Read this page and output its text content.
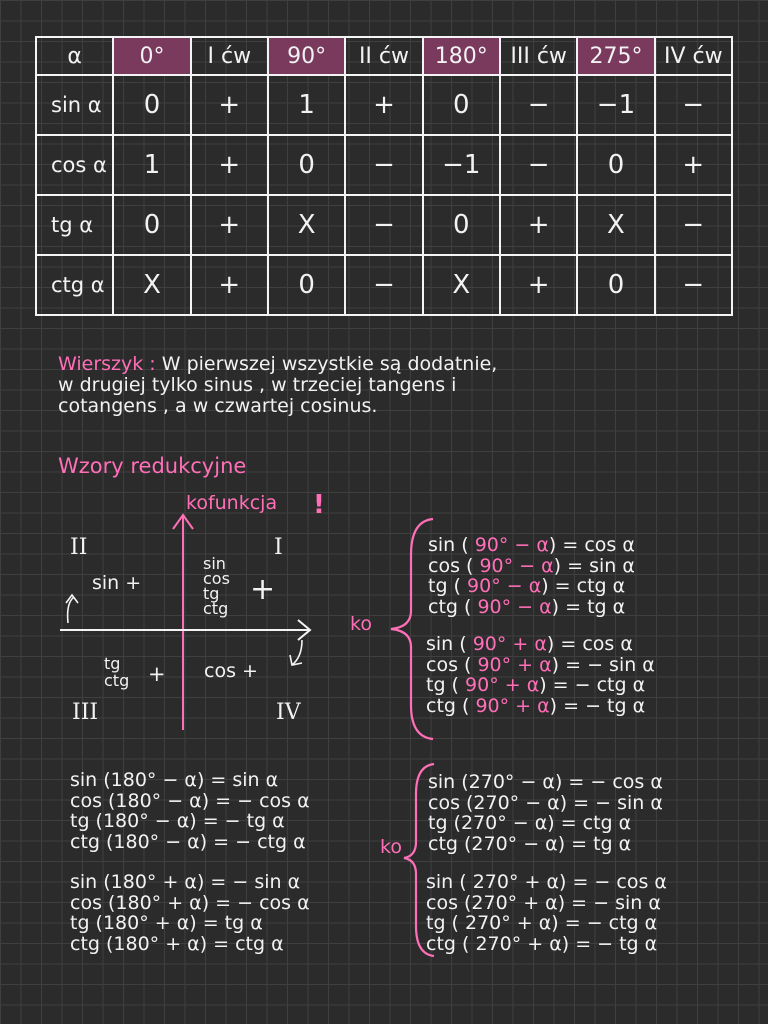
α	0°	I ćw	90°	II ćw	180°	III ćw	275°	IV ćw
sin α	0	+	1	+	0	−	−1	−
cos α	1	+	0	−	−1	−	0	+
tg α	0	+	X	−	0	+	X	−
ctg α	X	+	0	−	X	+	0	−
Wierszyk : W pierwszej wszystkie są dodatnie,
w drugiej tylko sinus , w trzeciej tangens i
cotangens , a w czwartej cosinus.
Wzory redukcyjne
kofunkcja !
II	I
III	IV
sin +
sin
cos
tg
ctg
+
tg
ctg + cos +
ko
sin ( 90° − α) = cos α
cos ( 90° − α) = sin α
tg ( 90° − α) = ctg α
ctg ( 90° − α) = tg α
sin ( 90° + α) = cos α
cos ( 90° + α) = − sin α
tg ( 90° + α) = − ctg α
ctg ( 90° + α) = − tg α
sin (180° − α) = sin α
cos (180° − α) = − cos α
tg (180° − α) = − tg α
ctg (180° − α) = − ctg α
sin (180° + α) = − sin α
cos (180° + α) = − cos α
tg (180° + α) = tg α
ctg (180° + α) = ctg α
ko
sin (270° − α) = − cos α
cos (270° − α) = − sin α
tg (270° − α) = ctg α
ctg (270° − α) = tg α
sin ( 270° + α) = − cos α
cos (270° + α) = − sin α
tg ( 270° + α) = − ctg α
ctg ( 270° + α) = − tg α
